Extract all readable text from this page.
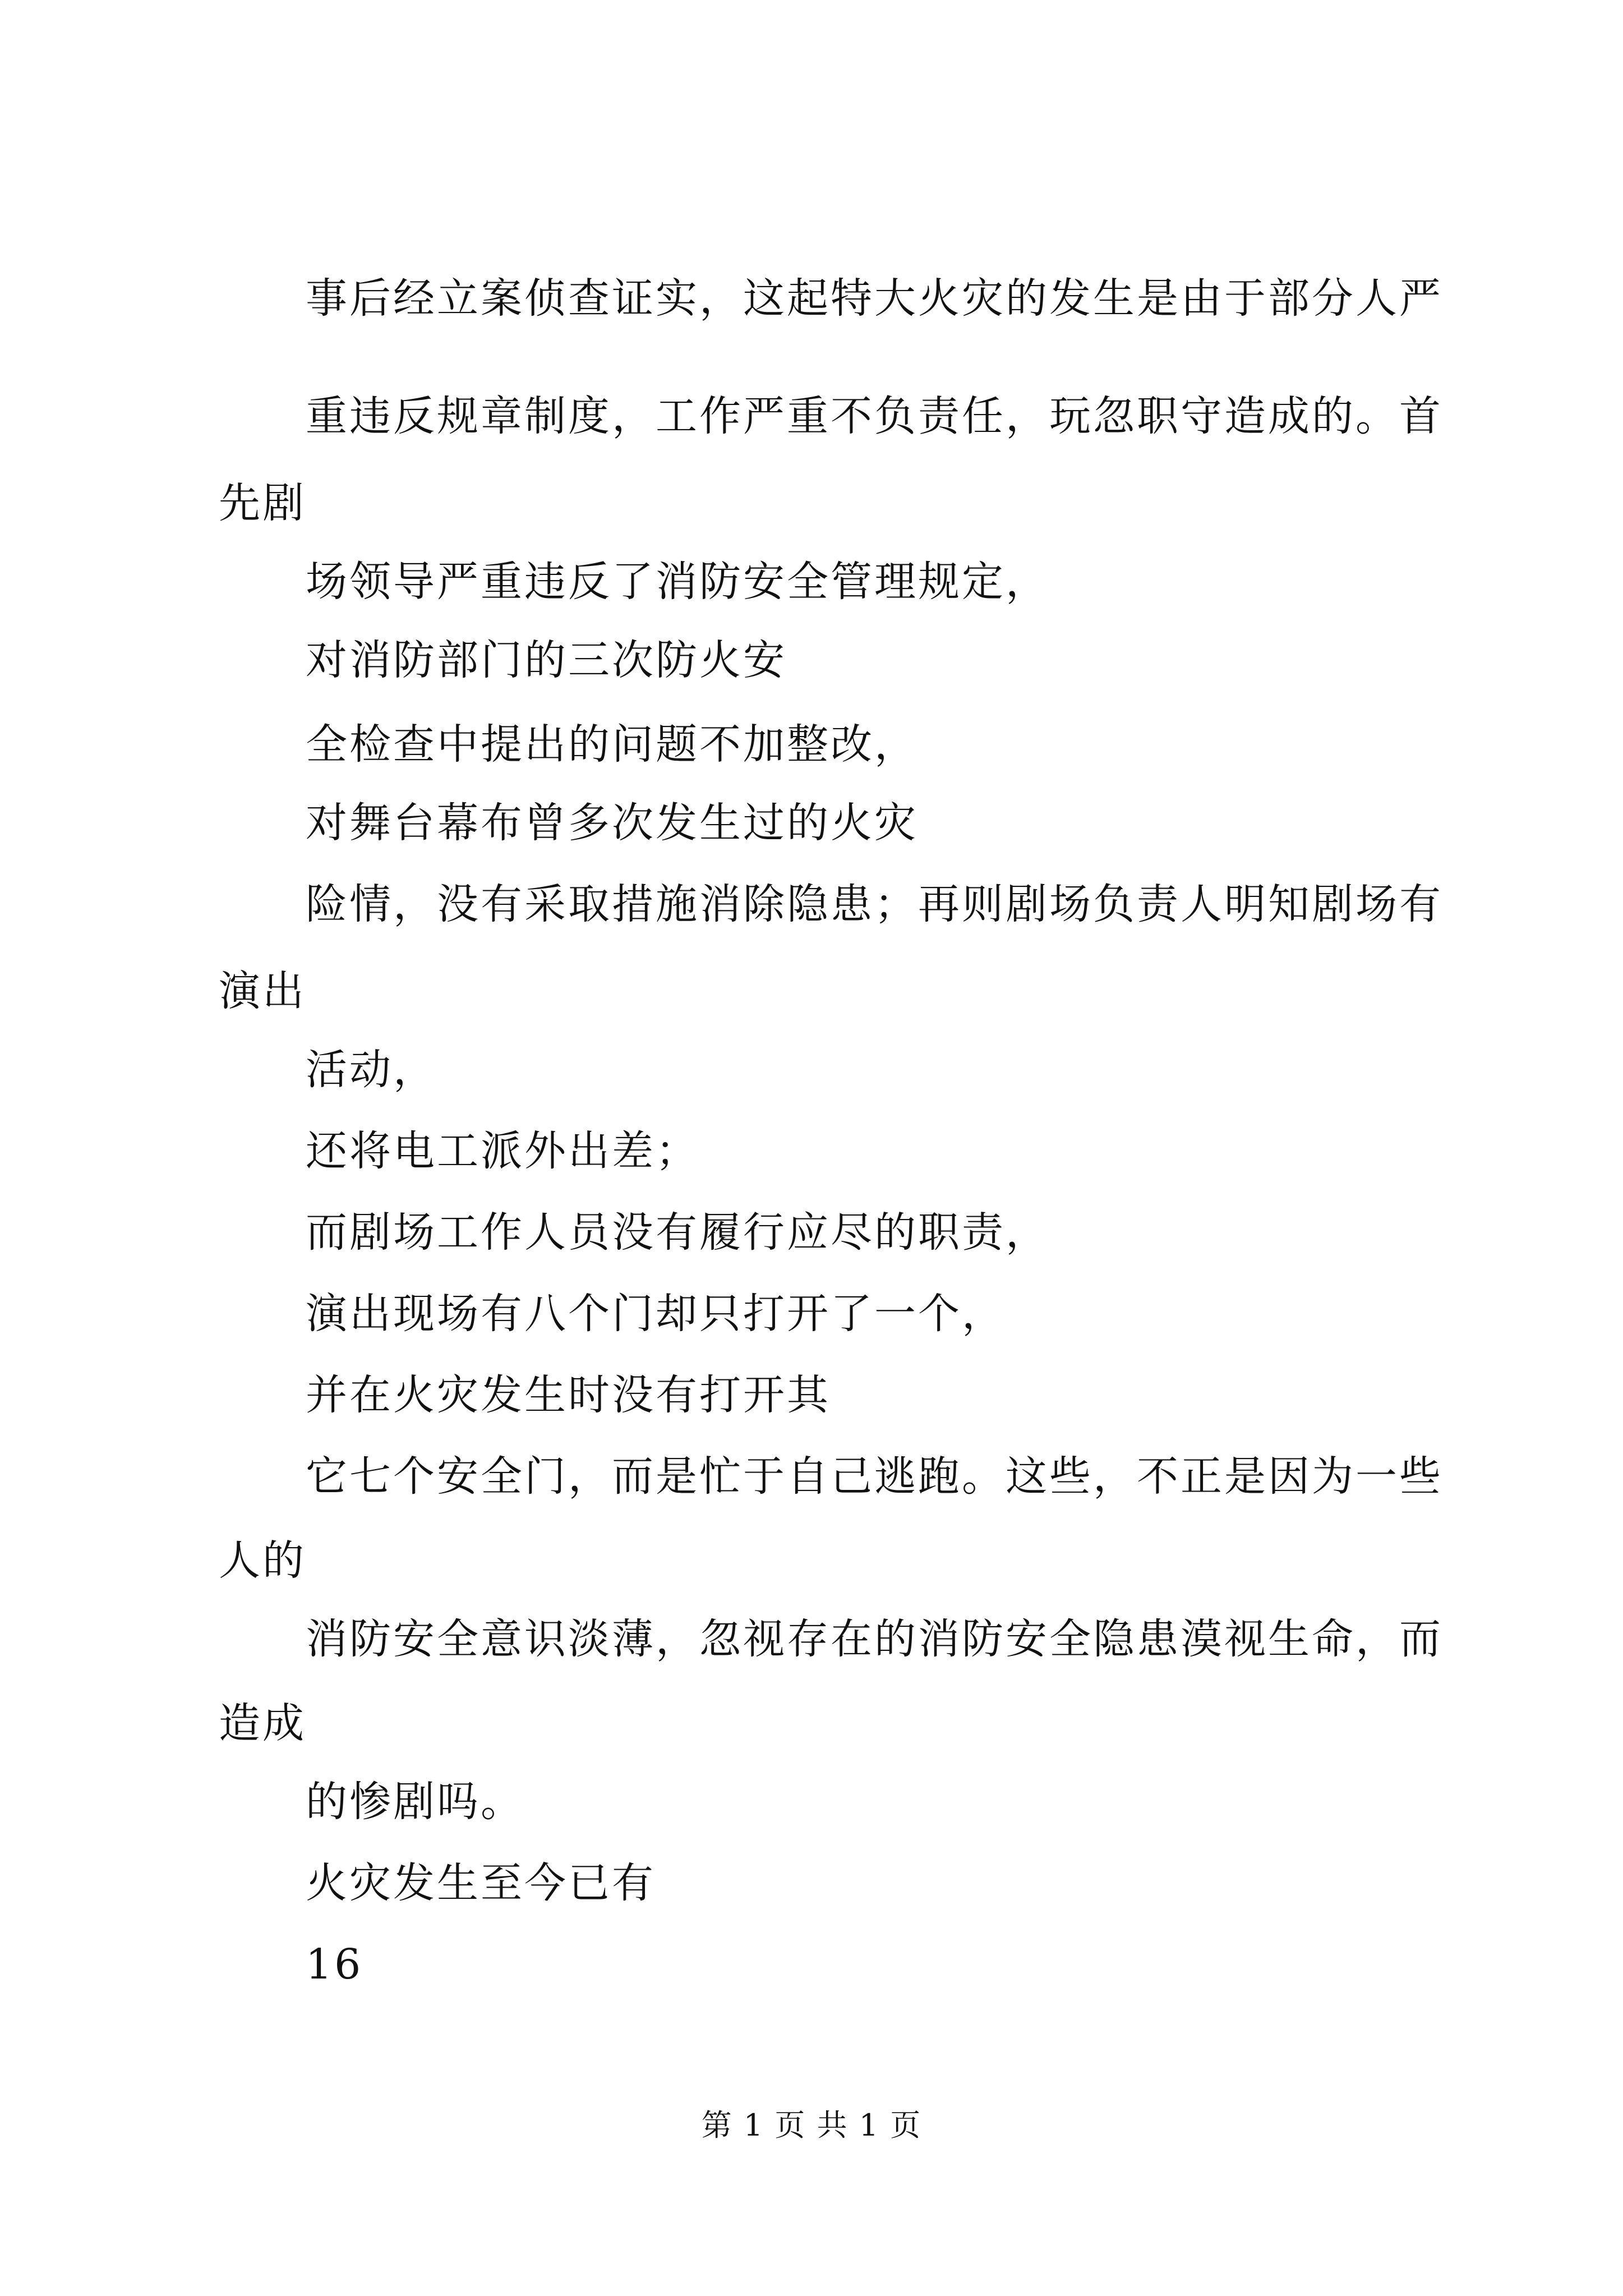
事后经立案侦查证实，这起特大火灾的发生是由于部分人严
重违反规章制度，工作严重不负责任，玩忽职守造成的。首
先剧
场领导严重违反了消防安全管理规定，
对消防部门的三次防火安
全检查中提出的问题不加整改，
对舞台幕布曾多次发生过的火灾
险情，没有采取措施消除隐患；再则剧场负责人明知剧场有
演出
活动，
还将电工派外出差；
而剧场工作人员没有履行应尽的职责，
演出现场有八个门却只打开了一个，
并在火灾发生时没有打开其
它七个安全门，而是忙于自己逃跑。这些，不正是因为一些
人的
消防安全意识淡薄，忽视存在的消防安全隐患漠视生命，而
造成
的惨剧吗。
火灾发生至今已有
16
第 1 页 共 1 页
